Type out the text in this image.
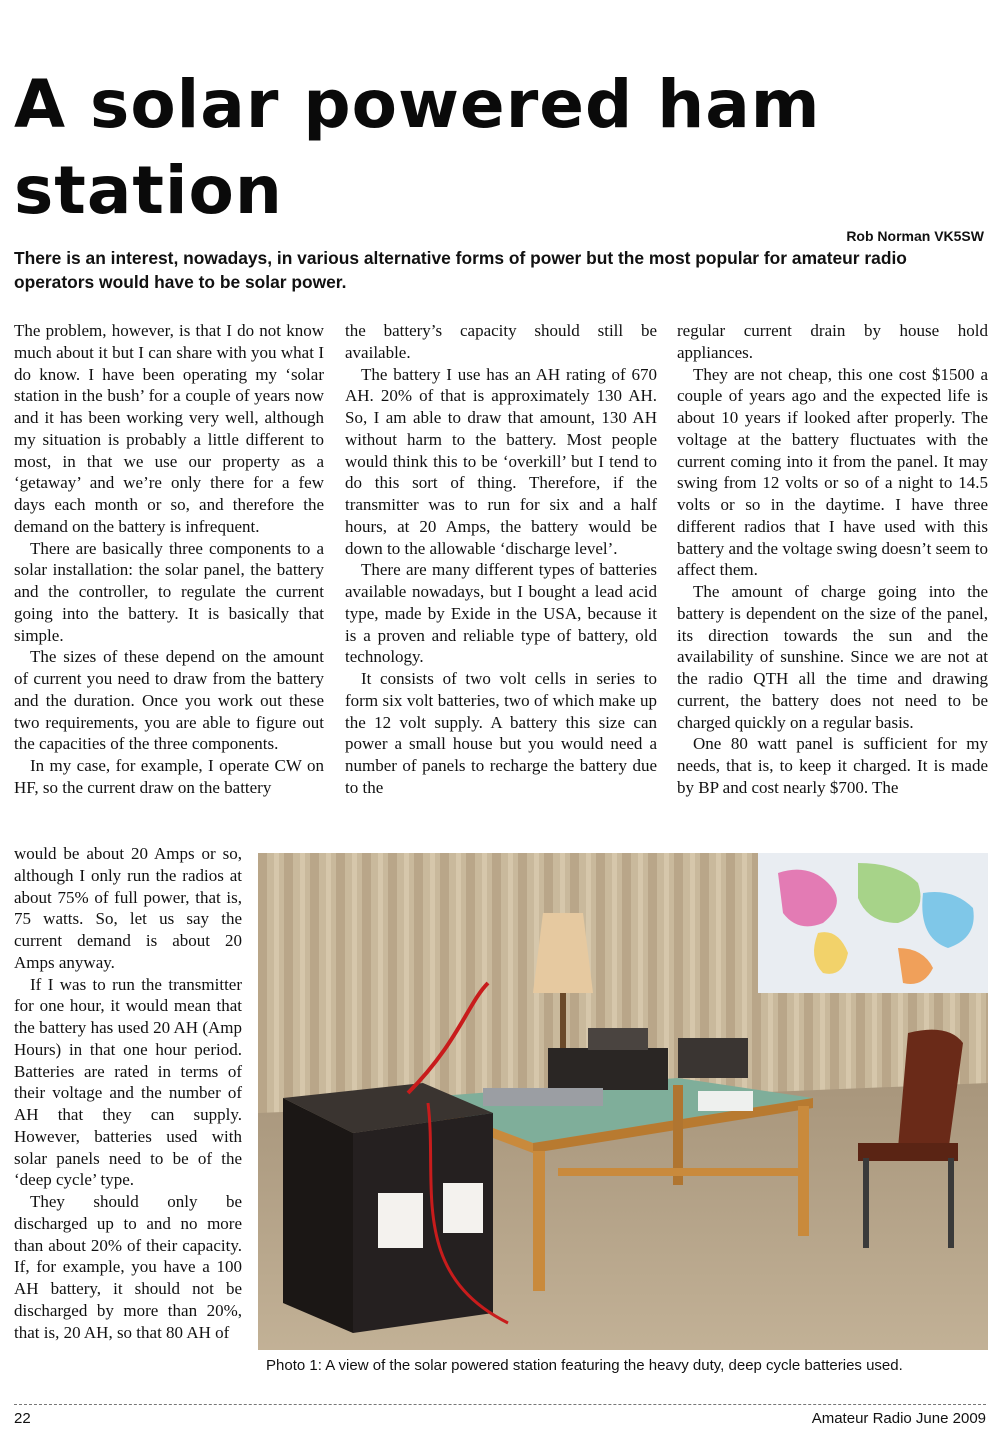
A solar powered ham station
Rob Norman VK5SW

There is an interest, nowadays, in various alternative forms of power but the most popular for amateur radio operators would have to be solar power.

The problem, however, is that I do not know much about it but I can share with you what I do know. I have been operating my ‘solar station in the bush’ for a couple of years now and it has been working very well, although my situation is probably a little different to most, in that we use our property as a ‘getaway’ and we’re only there for a few days each month or so, and therefore the demand on the battery is infrequent.

There are basically three components to a solar installation: the solar panel, the battery and the controller, to regulate the current going into the battery. It is basically that simple.

The sizes of these depend on the amount of current you need to draw from the battery and the duration. Once you work out these two requirements, you are able to figure out the capacities of the three components.

In my case, for example, I operate CW on HF, so the current draw on the battery

would be about 20 Amps or so, although I only run the radios at about 75% of full power, that is, 75 watts. So, let us say the current demand is about 20 Amps anyway.

If I was to run the transmitter for one hour, it would mean that the battery has used 20 AH (Amp Hours) in that one hour period. Batteries are rated in terms of their voltage and the number of AH that they can supply. However, batteries used with solar panels need to be of the ‘deep cycle’ type.

They should only be discharged up to and no more than about 20% of their capacity. If, for example, you have a 100 AH battery, it should not be discharged by more than 20%, that is, 20 AH, so that 80 AH of

the battery’s capacity should still be available.

The battery I use has an AH rating of 670 AH. 20% of that is approximately 130 AH. So, I am able to draw that amount, 130 AH without harm to the battery. Most people would think this to be ‘overkill’ but I tend to do this sort of thing. Therefore, if the transmitter was to run for six and a half hours, at 20 Amps, the battery would be down to the allowable ‘discharge level’.

There are many different types of batteries available nowadays, but I bought a lead acid type, made by Exide in the USA, because it is a proven and reliable type of battery, old technology.

It consists of two volt cells in series to form six volt batteries, two of which make up the 12 volt supply. A battery this size can power a small house but you would need a number of panels to recharge the battery due to the

regular current drain by house hold appliances.

They are not cheap, this one cost $1500 a couple of years ago and the expected life is about 10 years if looked after properly. The voltage at the battery fluctuates with the current coming into it from the panel. It may swing from 12 volts or so of a night to 14.5 volts or so in the daytime. I have three different radios that I have used with this battery and the voltage swing doesn’t seem to affect them.

The amount of charge going into the battery is dependent on the size of the panel, its direction towards the sun and the availability of sunshine. Since we are not at the radio QTH all the time and drawing current, the battery does not need to be charged quickly on a regular basis.

One 80 watt panel is sufficient for my needs, that is, to keep it charged. It is made by BP and cost nearly $700. The

Photo 1: A view of the solar powered station featuring the heavy duty, deep cycle batteries used.
22	Amateur Radio June 2009
